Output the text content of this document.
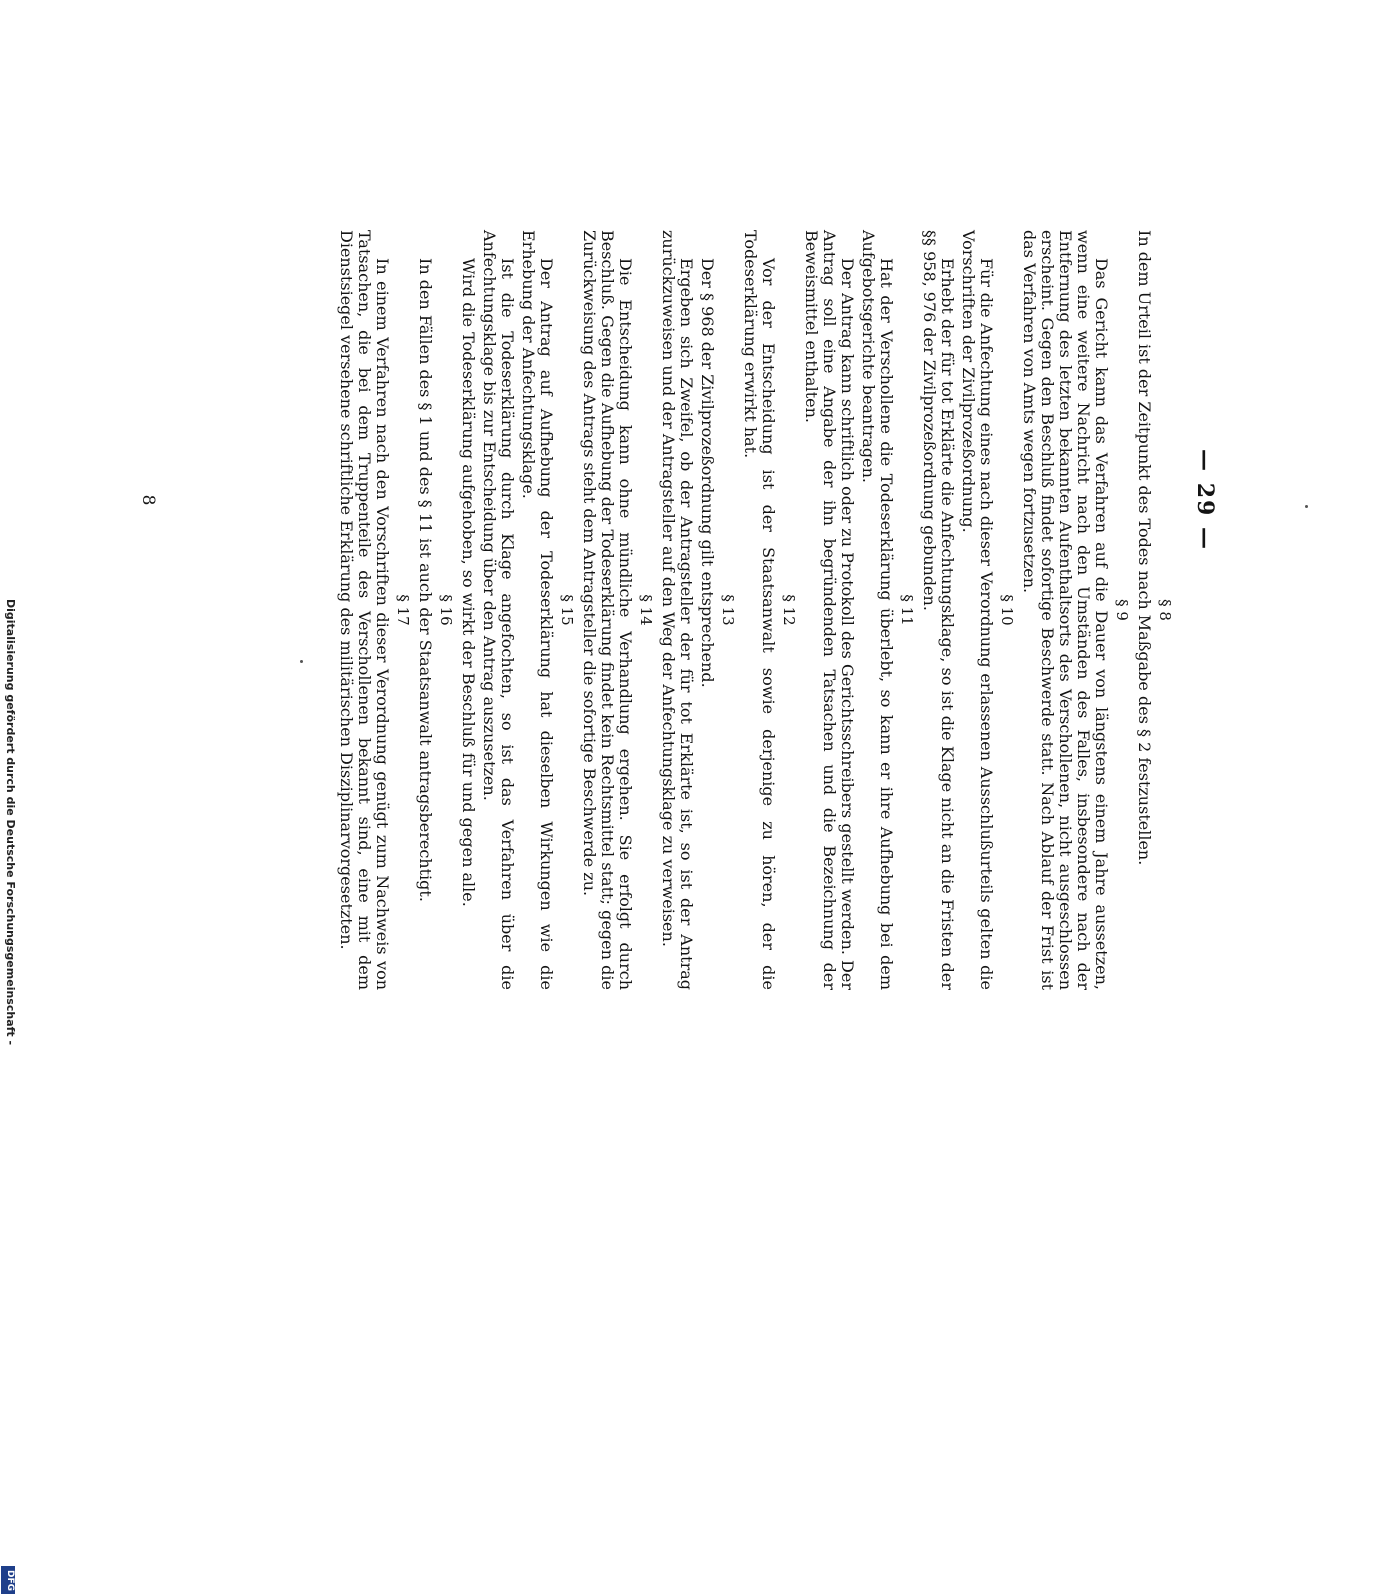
— 29 —
§ 8

In dem Urteil ist der Zeitpunkt des Todes nach Maßgabe des § 2 festzustellen.

§ 9

Das Gericht kann das Verfahren auf die Dauer von längstens einem Jahre aussetzen, wenn eine weitere Nachricht nach den Umständen des Falles, insbesondere nach der Entfernung des letzten bekannten Aufenthaltsorts des Verschollenen, nicht ausgeschlossen erscheint. Gegen den Beschluß findet sofortige Beschwerde statt. Nach Ablauf der Frist ist das Verfahren von Amts wegen fortzusetzen.

§ 10

Für die Anfechtung eines nach dieser Verordnung erlassenen Ausschlußurteils gelten die Vorschriften der Zivilprozeßordnung.

Erhebt der für tot Erklärte die Anfechtungsklage, so ist die Klage nicht an die Fristen der §§ 958, 976 der Zivilprozeßordnung gebunden.

§ 11

Hat der Verschollene die Todeserklärung überlebt, so kann er ihre Aufhebung bei dem Aufgebotsgerichte beantragen.

Der Antrag kann schriftlich oder zu Protokoll des Gerichtsschreibers gestellt werden. Der Antrag soll eine Angabe der ihn begründenden Tatsachen und die Bezeichnung der Beweismittel enthalten.

§ 12

Vor der Entscheidung ist der Staatsanwalt sowie derjenige zu hören, der die Todeserklärung erwirkt hat.

§ 13

Der § 968 der Zivilprozeßordnung gilt entsprechend.

Ergeben sich Zweifel, ob der Antragsteller der für tot Erklärte ist, so ist der Antrag zurückzuweisen und der Antragsteller auf den Weg der Anfechtungsklage zu verweisen.

§ 14

Die Entscheidung kann ohne mündliche Verhandlung ergehen. Sie erfolgt durch Beschluß. Gegen die Aufhebung der Todeserklärung findet kein Rechtsmittel statt; gegen die Zurückweisung des Antrags steht dem Antragsteller die sofortige Beschwerde zu.

§ 15

Der Antrag auf Aufhebung der Todeserklärung hat dieselben Wirkungen wie die Erhebung der Anfechtungsklage.

Ist die Todeserklärung durch Klage angefochten, so ist das Verfahren über die Anfechtungsklage bis zur Entscheidung über den Antrag auszusetzen.

Wird die Todeserklärung aufgehoben, so wirkt der Beschluß für und gegen alle.

§ 16

In den Fällen des § 1 und des § 11 ist auch der Staatsanwalt antragsberechtigt.

§ 17

In einem Verfahren nach den Vorschriften dieser Verordnung genügt zum Nachweis von Tatsachen, die bei dem Truppenteile des Verschollenen bekannt sind, eine mit dem Dienstsiegel versehene schriftliche Erklärung des militärischen Disziplinarvorgesetzten.

8
Digitalisierung gefördert durch die Deutsche Forschungsgemeinschaft -
DFG
